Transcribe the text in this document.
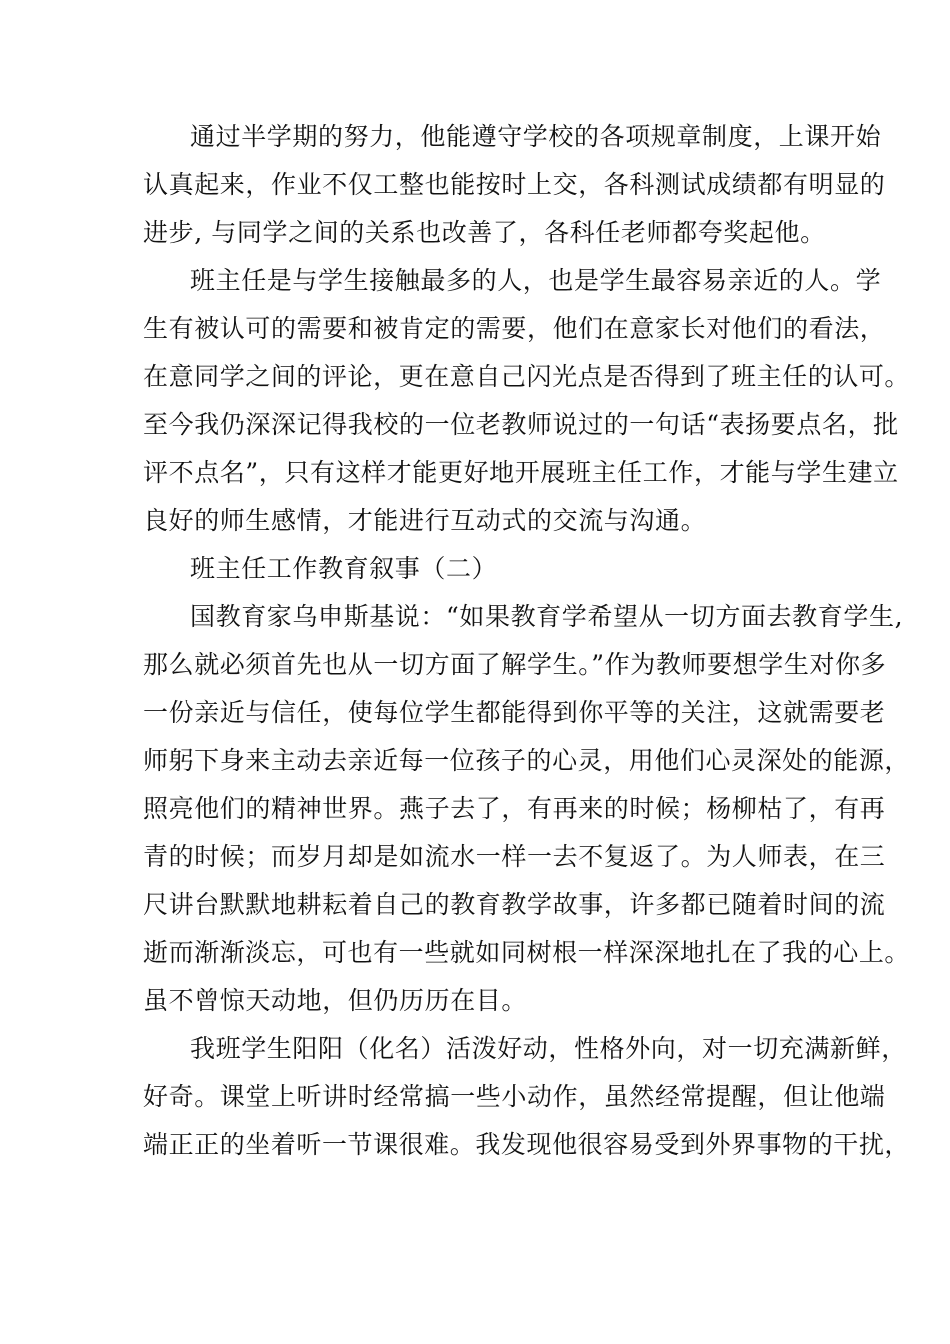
通过半学期的努力，他能遵守学校的各项规章制度，上课开始

认真起来，作业不仅工整也能按时上交，各科测试成绩都有明显的

进步, 与同学之间的关系也改善了，各科任老师都夸奖起他。

班主任是与学生接触最多的人，也是学生最容易亲近的人。学

生有被认可的需要和被肯定的需要，他们在意家长对他们的看法，

在意同学之间的评论，更在意自己闪光点是否得到了班主任的认可。

至今我仍深深记得我校的一位老教师说过的一句话“表扬要点名，批

评不点名”，只有这样才能更好地开展班主任工作，才能与学生建立

良好的师生感情，才能进行互动式的交流与沟通。

班主任工作教育叙事（二）

国教育家乌申斯基说：“如果教育学希望从一切方面去教育学生,

那么就必须首先也从一切方面了解学生。”作为教师要想学生对你多

一份亲近与信任，使每位学生都能得到你平等的关注，这就需要老

师躬下身来主动去亲近每一位孩子的心灵，用他们心灵深处的能源，

照亮他们的精神世界。燕子去了，有再来的时候；杨柳枯了，有再

青的时候；而岁月却是如流水一样一去不复返了。为人师表，在三

尺讲台默默地耕耘着自己的教育教学故事，许多都已随着时间的流

逝而渐渐淡忘，可也有一些就如同树根一样深深地扎在了我的心上。

虽不曾惊天动地，但仍历历在目。

我班学生阳阳（化名）活泼好动，性格外向，对一切充满新鲜，

好奇。课堂上听讲时经常搞一些小动作，虽然经常提醒，但让他端

端正正的坐着听一节课很难。我发现他很容易受到外界事物的干扰，
